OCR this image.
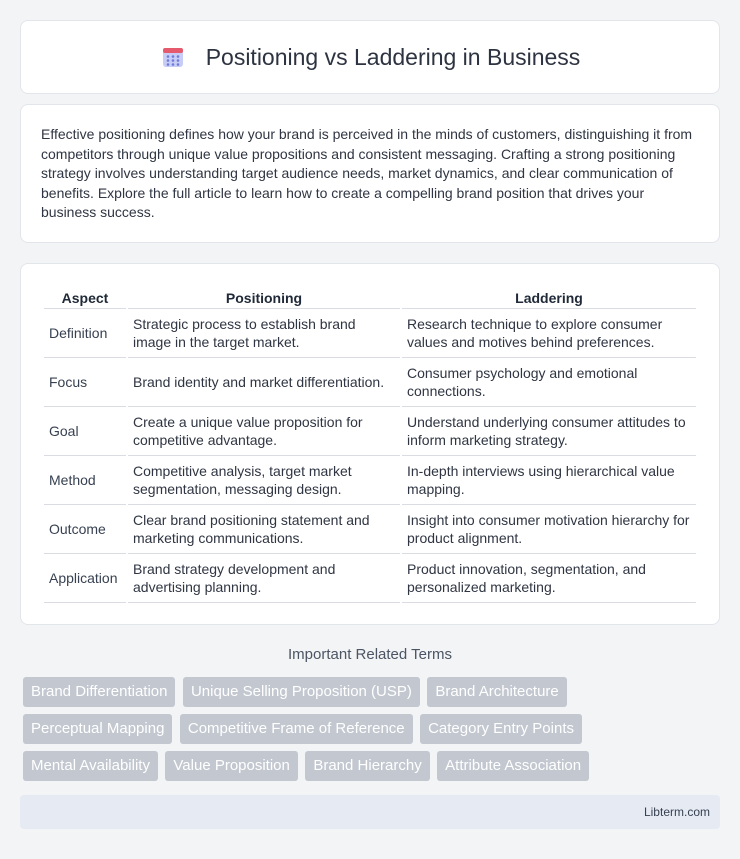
Positioning vs Laddering in Business

Effective positioning defines how your brand is perceived in the minds of customers, distinguishing it from competitors through unique value propositions and consistent messaging. Crafting a strong positioning strategy involves understanding target audience needs, market dynamics, and clear communication of benefits. Explore the full article to learn how to create a compelling brand position that drives your business success.

Aspect	Positioning	Laddering
Definition	Strategic process to establish brand image in the target market.	Research technique to explore consumer values and motives behind preferences.
Focus	Brand identity and market differentiation.	Consumer psychology and emotional connections.
Goal	Create a unique value proposition for competitive advantage.	Understand underlying consumer attitudes to inform marketing strategy.
Method	Competitive analysis, target market segmentation, messaging design.	In-depth interviews using hierarchical value mapping.
Outcome	Clear brand positioning statement and marketing communications.	Insight into consumer motivation hierarchy for product alignment.
Application	Brand strategy development and advertising planning.	Product innovation, segmentation, and personalized marketing.
Important Related Terms
Brand Differentiation Unique Selling Proposition (USP) Brand Architecture Perceptual Mapping Competitive Frame of Reference Category Entry Points Mental Availability Value Proposition Brand Hierarchy Attribute Association
Libterm.com
